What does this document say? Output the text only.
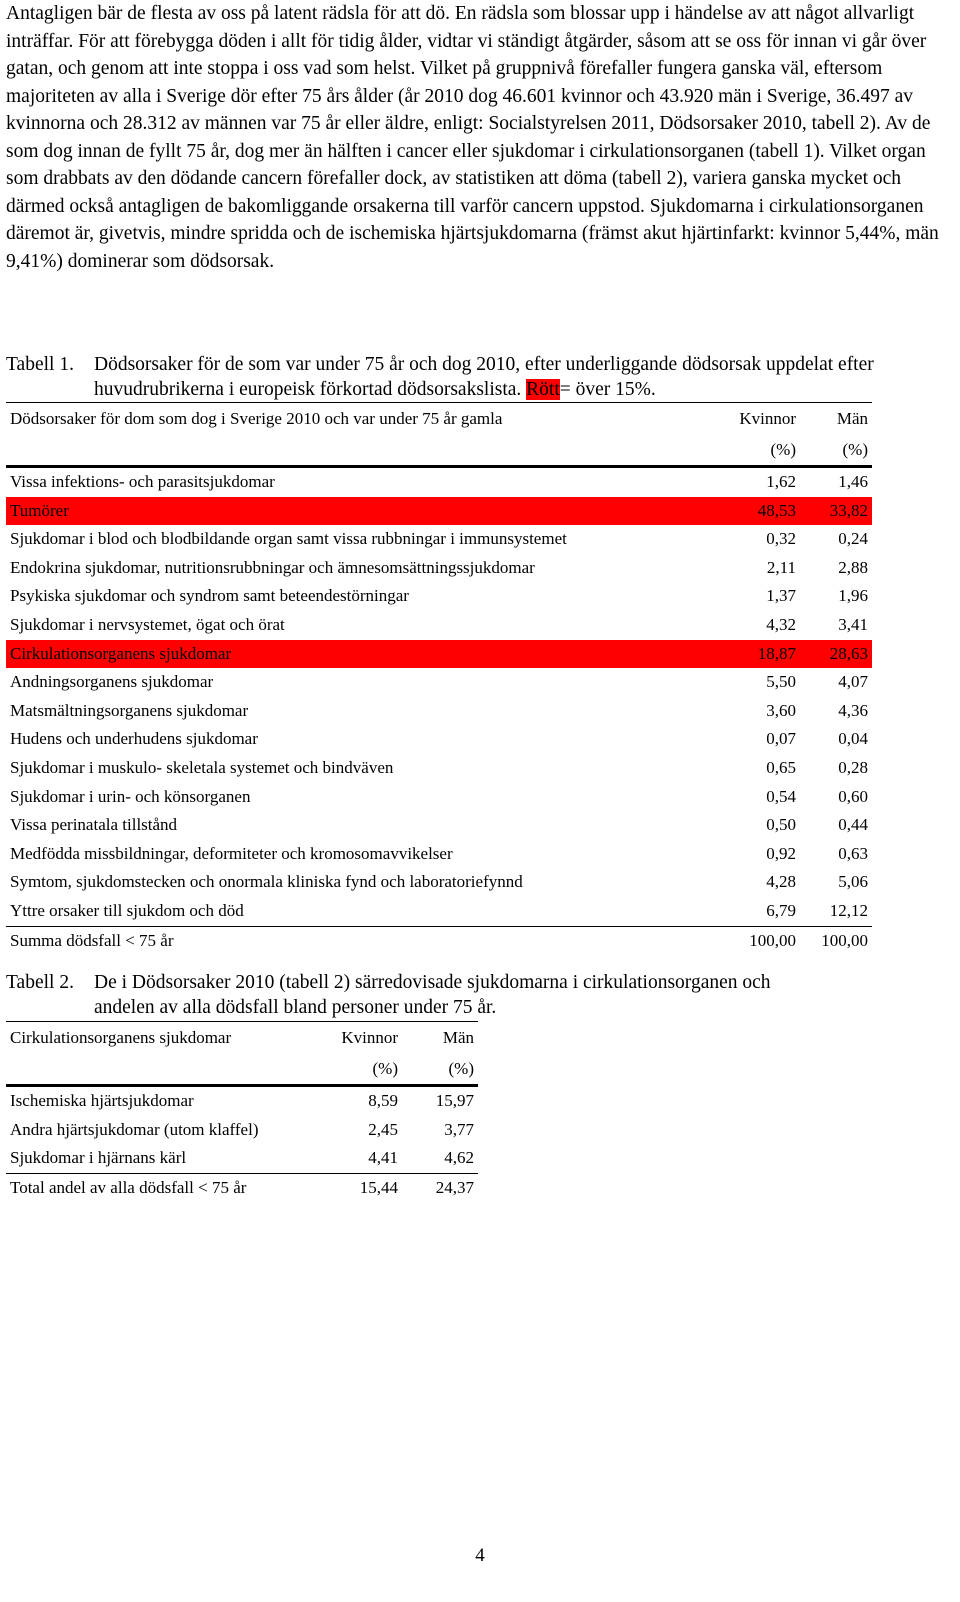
Antagligen bär de flesta av oss på latent rädsla för att dö. En rädsla som blossar upp i händelse av att något allvarligt inträffar. För att förebygga döden i allt för tidig ålder, vidtar vi ständigt åtgärder, såsom att se oss för innan vi går över gatan, och genom att inte stoppa i oss vad som helst. Vilket på gruppnivå förefaller fungera ganska väl, eftersom majoriteten av alla i Sverige dör efter 75 års ålder (år 2010 dog 46.601 kvinnor och 43.920 män i Sverige, 36.497 av kvinnorna och 28.312 av männen var 75 år eller äldre, enligt: Socialstyrelsen 2011, Dödsorsaker 2010, tabell 2). Av de som dog innan de fyllt 75 år, dog mer än hälften i cancer eller sjukdomar i cirkulationsorganen (tabell 1). Vilket organ som drabbats av den dödande cancern förefaller dock, av statistiken att döma (tabell 2), variera ganska mycket och därmed också antagligen de bakomliggande orsakerna till varför cancern uppstod. Sjukdomarna i cirkulationsorganen däremot är, givetvis, mindre spridda och de ischemiska hjärtsjukdomarna (främst akut hjärtinfarkt: kvinnor 5,44%, män 9,41%) dominerar som dödsorsak.

Tabell 1. Dödsorsaker för de som var under 75 år och dog 2010, efter underliggande dödsorsak uppdelat efter huvudrubrikerna i europeisk förkortad dödsorsakslista. Rött= över 15%.
Dödsorsaker för dom som dog i Sverige 2010 och var under 75 år gamla	Kvinnor	Män
	(%)	(%)
Vissa infektions- och parasitsjukdomar	1,62	1,46
Tumörer	48,53	33,82
Sjukdomar i blod och blodbildande organ samt vissa rubbningar i immunsystemet	0,32	0,24
Endokrina sjukdomar, nutritionsrubbningar och ämnesomsättningssjukdomar	2,11	2,88
Psykiska sjukdomar och syndrom samt beteendestörningar	1,37	1,96
Sjukdomar i nervsystemet, ögat och örat	4,32	3,41
Cirkulationsorganens sjukdomar	18,87	28,63
Andningsorganens sjukdomar	5,50	4,07
Matsmältningsorganens sjukdomar	3,60	4,36
Hudens och underhudens sjukdomar	0,07	0,04
Sjukdomar i muskulo- skeletala systemet och bindväven	0,65	0,28
Sjukdomar i urin- och könsorganen	0,54	0,60
Vissa perinatala tillstånd	0,50	0,44
Medfödda missbildningar, deformiteter och kromosomavvikelser	0,92	0,63
Symtom, sjukdomstecken och onormala kliniska fynd och laboratoriefynnd	4,28	5,06
Yttre orsaker till sjukdom och död	6,79	12,12
Summa dödsfall < 75 år	100,00	100,00
Tabell 2. De i Dödsorsaker 2010 (tabell 2) särredovisade sjukdomarna i cirkulationsorganen och andelen av alla dödsfall bland personer under 75 år.
Cirkulationsorganens sjukdomar	Kvinnor	Män
	(%)	(%)
Ischemiska hjärtsjukdomar	8,59	15,97
Andra hjärtsjukdomar (utom klaffel)	2,45	3,77
Sjukdomar i hjärnans kärl	4,41	4,62
Total andel av alla dödsfall < 75 år	15,44	24,37
4
